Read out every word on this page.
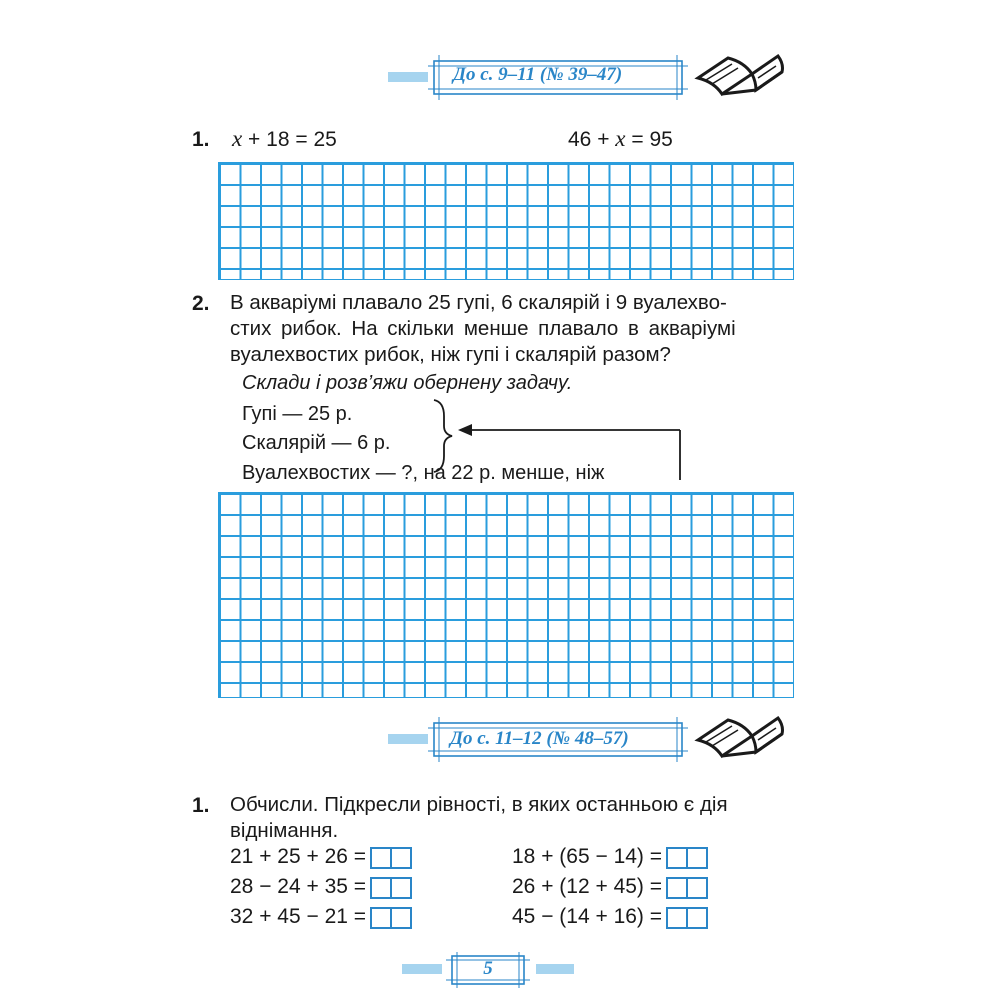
До с. 9–11 (№ 39–47)
1. x + 18 = 25	46 + x = 95
2. В акваріумі плавало 25 гупі, 6 скалярій і 9 вуалехво-
стих рибок. На скільки менше плавало в акваріумі
вуалехвостих рибок, ніж гупі і скалярій разом?
Склади і розв’яжи обернену задачу.
Гупі — 25 р.
Скалярій — 6 р.
Вуалехвостих — ?, на 22 р. менше, ніж
До с. 11–12 (№ 48–57)
1. Обчисли. Підкресли рівності, в яких останньою є дія
віднімання.
21 + 25 + 26 =
28 − 24 + 35 =
32 + 45 − 21 =
18 + (65 − 14) =
26 + (12 + 45) =
45 − (14 + 16) =
5
